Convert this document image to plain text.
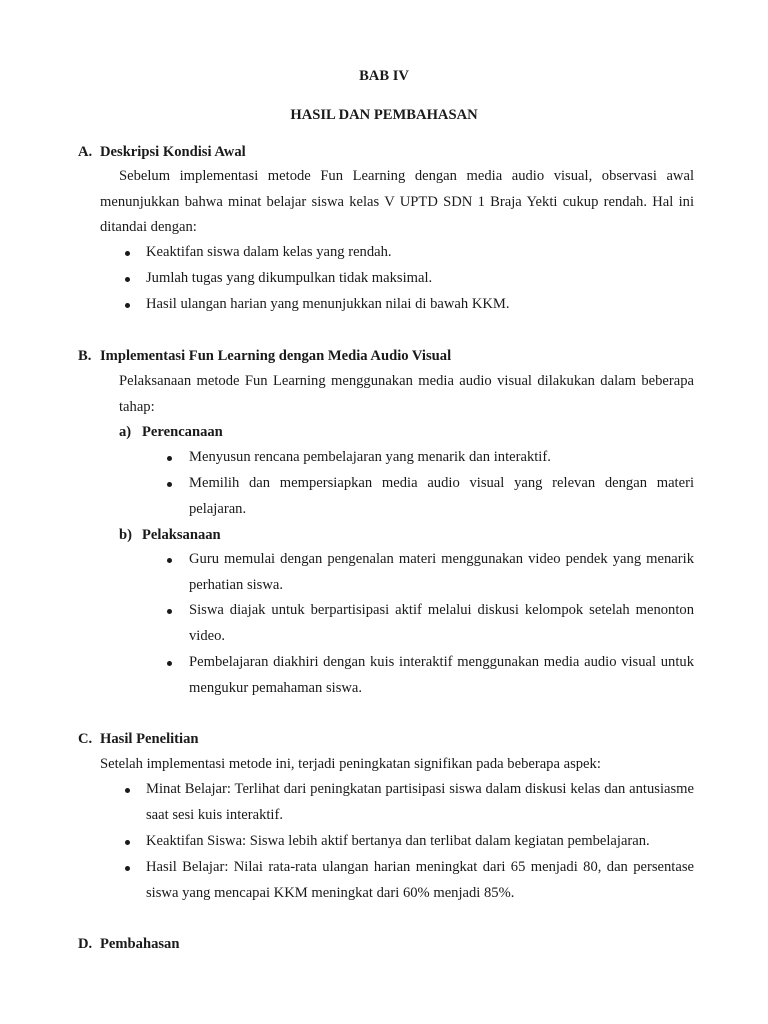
BAB IV
HASIL DAN PEMBAHASAN
A. Deskripsi Kondisi Awal
Sebelum implementasi metode Fun Learning dengan media audio visual, observasi awal menunjukkan bahwa minat belajar siswa kelas V UPTD SDN 1 Braja Yekti cukup rendah. Hal ini ditandai dengan:
Keaktifan siswa dalam kelas yang rendah.
Jumlah tugas yang dikumpulkan tidak maksimal.
Hasil ulangan harian yang menunjukkan nilai di bawah KKM.
B. Implementasi Fun Learning dengan Media Audio Visual
Pelaksanaan metode Fun Learning menggunakan media audio visual dilakukan dalam beberapa tahap:
a) Perencanaan
Menyusun rencana pembelajaran yang menarik dan interaktif.
Memilih dan mempersiapkan media audio visual yang relevan dengan materi pelajaran.
b) Pelaksanaan
Guru memulai dengan pengenalan materi menggunakan video pendek yang menarik perhatian siswa.
Siswa diajak untuk berpartisipasi aktif melalui diskusi kelompok setelah menonton video.
Pembelajaran diakhiri dengan kuis interaktif menggunakan media audio visual untuk mengukur pemahaman siswa.
C. Hasil Penelitian
Setelah implementasi metode ini, terjadi peningkatan signifikan pada beberapa aspek:
Minat Belajar: Terlihat dari peningkatan partisipasi siswa dalam diskusi kelas dan antusiasme saat sesi kuis interaktif.
Keaktifan Siswa: Siswa lebih aktif bertanya dan terlibat dalam kegiatan pembelajaran.
Hasil Belajar: Nilai rata-rata ulangan harian meningkat dari 65 menjadi 80, dan persentase siswa yang mencapai KKM meningkat dari 60% menjadi 85%.
D. Pembahasan
